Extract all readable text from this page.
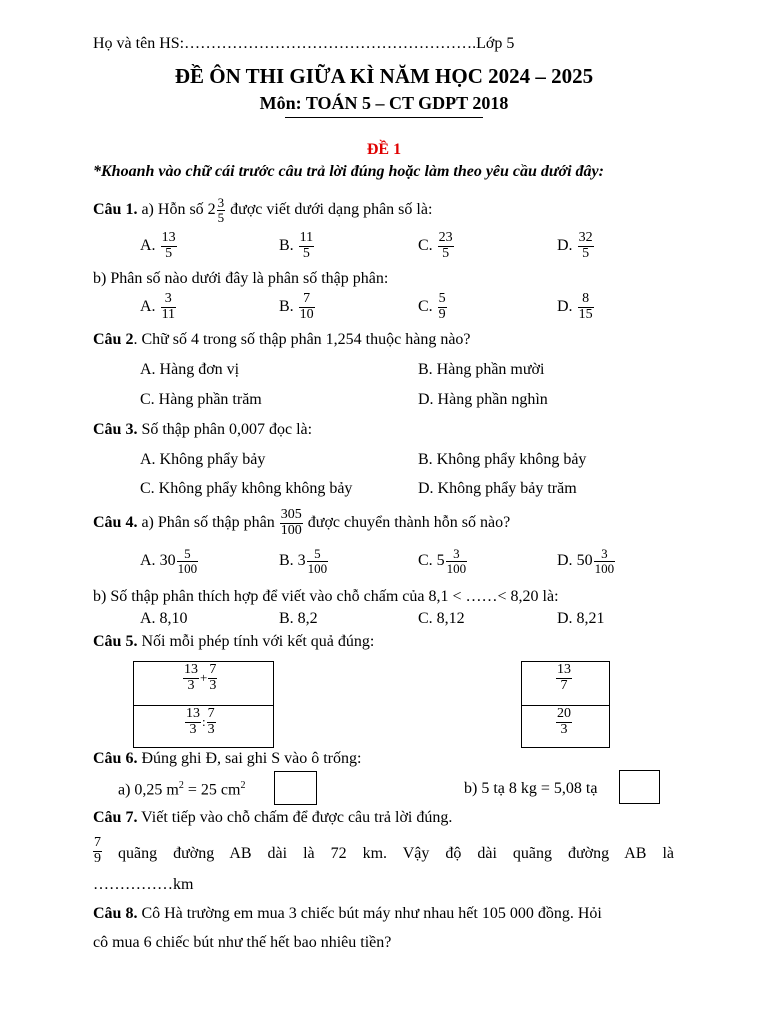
Họ và tên HS:……………………………………………….Lớp 5
ĐỀ ÔN THI GIỮA KÌ NĂM HỌC 2024 – 2025
Môn: TOÁN 5 – CT GDPT 2018
ĐỀ 1
*Khoanh vào chữ cái trước câu trả lời đúng hoặc làm theo yêu cầu dưới đây:
Câu 1. a) Hỗn số $2 \frac{3}{5}$ được viết dưới dạng phân số là:
A. $\frac{13}{5}$	B. $\frac{11}{5}$	C. $\frac{23}{5}$	D. $\frac{32}{5}$
b) Phân số nào dưới đây là phân số thập phân:
A. $\frac{3}{11}$	B. $\frac{7}{10}$	C. $\frac{5}{9}$	D. $\frac{8}{15}$
Câu 2. Chữ số 4 trong số thập phân 1,254 thuộc hàng nào?
A. Hàng đơn vị	B. Hàng phần mười
C. Hàng phần trăm	D. Hàng phần nghìn
Câu 3. Số thập phân 0,007 đọc là:
A. Không phẩy bảy	B. Không phẩy không bảy
C. Không phẩy không không bảy	D. Không phẩy bảy trăm
Câu 4. a) Phân số thập phân $\frac{305}{100}$ được chuyển thành hỗn số nào?
A. $30 \frac{5}{100}$	B. $3 \frac{5}{100}$	C. $5 \frac{3}{100}$	D. $50 \frac{3}{100}$
b) Số thập phân thích hợp để viết vào chỗ chấm của 8,1 < ……< 8,20 là:
A. 8,10	B. 8,2	C. 8,12	D. 8,21
Câu 5. Nối mỗi phép tính với kết quả đúng:
$\frac{13}{3} + \frac{7}{3}$
$\frac{13}{3}$ : $\frac{7}{3}$
$\frac{13}{7}$
$\frac{20}{3}$
Câu 6. Đúng ghi Đ, sai ghi S vào ô trống:
a) 0,25 $m^2 = 25$ $cm^2$	b) 5 tạ 8 kg = 5,08 tạ
Câu 7. Viết tiếp vào chỗ chấm để được câu trả lời đúng.
$\frac{7}{9}$ quãng đường AB dài là 72 km. Vậy độ dài quãng đường AB là
……………km
Câu 8. Cô Hà trường em mua 3 chiếc bút máy như nhau hết 105 000 đồng. Hỏi
cô mua 6 chiếc bút như thế hết bao nhiêu tiền?
